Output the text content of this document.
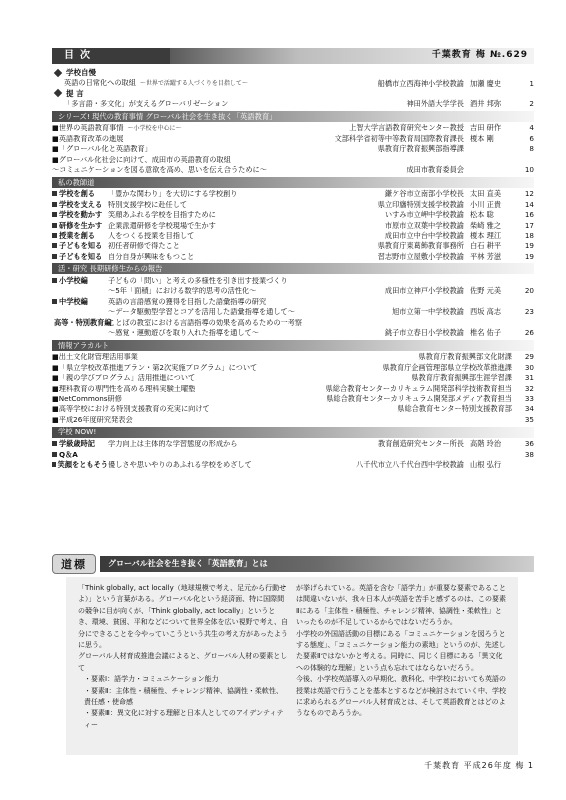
目次	千葉教育 梅 №.629
学校自慢
英語の日常化への取組 〜世界で活躍する人づくりを目指して〜	船橋市立西海神小学校教諭 加瀬 慶史	1
提 言
「多言語・多文化」が支えるグローバリゼーション	神田外語大学学長 酒井 邦弥	2
シリーズ! 現代の教育事情 グローバル社会を生き抜く「英語教育」
■世界の英語教育事情 〜小学校を中心に〜	上智大学言語教育研究センター教授 吉田 研作	4
■英語教育改革の進展	文部科学省初等中等教育局国際教育課長 榎本 剛	6
■「グローバル化と英語教育」	県教育庁教育振興部指導課	8
■グローバル化社会に向けて、成田市の英語教育の取組
〜コミュニケーションを図る意欲を高め、思いを伝え合うために〜	成田市教育委員会	10
私の教師道
学校を創る 「豊かな関わり」を大切にする学校創り	鎌ケ谷市立南部小学校長 太田 直美	12
学校を支える 特別支援学校に赴任して	県立印旛特別支援学校教諭 小川 正貴	14
学校を動かす 笑顔あふれる学校を目指すために	いすみ市立岬中学校教諭 松本 聡	16
研修を生かす 企業派遣研修を学校現場で生かす	市原市立双葉中学校教諭 柴崎 雅之	17
授業を創る 人をつくる授業を目指して	成田市立中台中学校教諭 榎本 理江	18
子どもを知る 初任者研修で得たこと	県教育庁東葛飾教育事務所 白石 耕平	19
子どもを知る 自分自身が興味をもつこと	習志野市立屋敷小学校教諭 平林 芳滋	19
活・研究 長期研修生からの報告
小学校編	子どもの「問い」と考えの多様性を引き出す授業づくり
〜5年「面積」における数学的思考の活性化〜	成田市立神戸小学校教諭 佐野 元美	20
中学校編	英語の言語感覚の獲得を目指した語彙指導の研究
〜データ駆動型学習とコアを活用した語彙指導を通して〜	旭市立第一中学校教諭 西坂 高志	23
高等・特別教育編
ことばの教室における言語指導の効果を高めるための一考察
〜感覚・運動遊びを取り入れた指導を通して〜	銚子市立春日小学校教諭 椎名 佑子	26
情報アラカルト
■出土文化財管理活用事業	県教育庁教育振興部文化財課	29
■「県立学校改革推進プラン・第2次実施プログラム」について	県教育庁企画管理部県立学校改革推進課	30
■「親の学びプログラム」活用推進について	県教育庁教育振興部生涯学習課	31
■理科教育の専門性を高める理科実験土曜塾	県総合教育センターカリキュラム開発部科学技術教育担当	32
■NetCommons研修	県総合教育センターカリキュラム開発部メディア教育担当	33
■高等学校における特別支援教育の充実に向けて	県総合教育センター特別支援教育部	34
■平成26年度研究発表会	35
学校 NOW!
学級歳時記 学力向上は主体的な学習態度の形成から	教育創造研究センター所長 高階 玲治	36
Q＆A	38
笑顔をともそう 優しさや思いやりのあふれる学校をめざして	八千代市立八千代台西中学校教諭 山根 弘行
道標	グローバル社会を生き抜く「英語教育」とは

「Think globally, act locally（地球規模で考え、足元から行動せよ）」という言葉がある。グローバル化という経済面、特に国際間の競争に目が向くが、「Think globally, act locally」というとき、環境、貧困、平和などについて世界全体を広い視野で考え、自分にできることを今やっていこうという共生の考え方があったように思う。

グローバル人材育成推進会議によると、グローバル人材の要素として

・要素Ⅰ：語学力・コミュニケーション能力

・要素Ⅱ：主体性・積極性、チャレンジ精神、協調性・柔軟性、責任感・使命感

・要素Ⅲ：異文化に対する理解と日本人としてのアイデンティティー

が挙げられている。英語を含む「語学力」が重要な要素であることは間違いないが、我々日本人が英語を苦手と感ずるのは、この要素Ⅱにある「主体性・積極性、チャレンジ精神、協調性・柔軟性」といったものが不足しているからではないだろうか。

小学校の外国語活動の目標にある「コミュニケーションを図ろうとする態度」、「コミュニケーション能力の素地」というのが、先述した要素Ⅱではないかと考える。同時に、同じく目標にある「異文化への体験的な理解」という点も忘れてはならないだろう。

今後、小学校英語導入の早期化、教科化、中学校においても英語の授業は英語で行うことを基本とするなどが検討されていく中、学校に求められるグローバル人材育成とは、そして英語教育とはどのようなものであろうか。

千葉教育 平成26年度 梅 1
